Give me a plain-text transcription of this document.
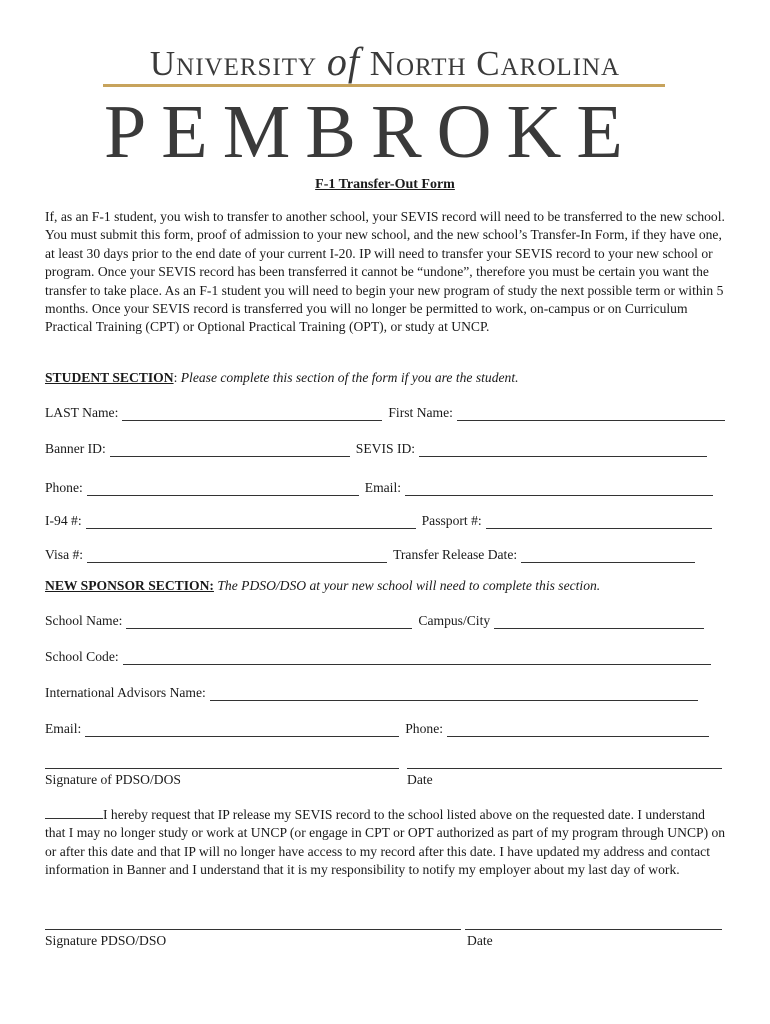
University of North Carolina
PEMBROKE
F-1 Transfer-Out Form

If, as an F-1 student, you wish to transfer to another school, your SEVIS record will need to be transferred to the new school. You must submit this form, proof of admission to your new school, and the new school’s Transfer-In Form, if they have one, at least 30 days prior to the end date of your current I-20. IP will need to transfer your SEVIS record to your new school or program. Once your SEVIS record has been transferred it cannot be “undone”, therefore you must be certain you want the transfer to take place. As an F-1 student you will need to begin your new program of study the next possible term or within 5 months. Once your SEVIS record is transferred you will no longer be permitted to work, on-campus or on Curriculum Practical Training (CPT) or Optional Practical Training (OPT), or study at UNCP.

STUDENT SECTION: Please complete this section of the form if you are the student.
LAST Name:	First Name:
Banner ID:	SEVIS ID:
Phone:	Email:
I-94 #:	Passport #:
Visa #:	Transfer Release Date:
NEW SPONSOR SECTION: The PDSO/DSO at your new school will need to complete this section.
School Name:	Campus/City
School Code:
International Advisors Name:
Email:	Phone:
Signature of PDSO/DOS	Date

I hereby request that IP release my SEVIS record to the school listed above on the requested date. I understand that I may no longer study or work at UNCP (or engage in CPT or OPT authorized as part of my program through UNCP) on or after this date and that IP will no longer have access to my record after this date. I have updated my address and contact information in Banner and I understand that it is my responsibility to notify my employer about my last day of work.

Signature PDSO/DSO	Date
